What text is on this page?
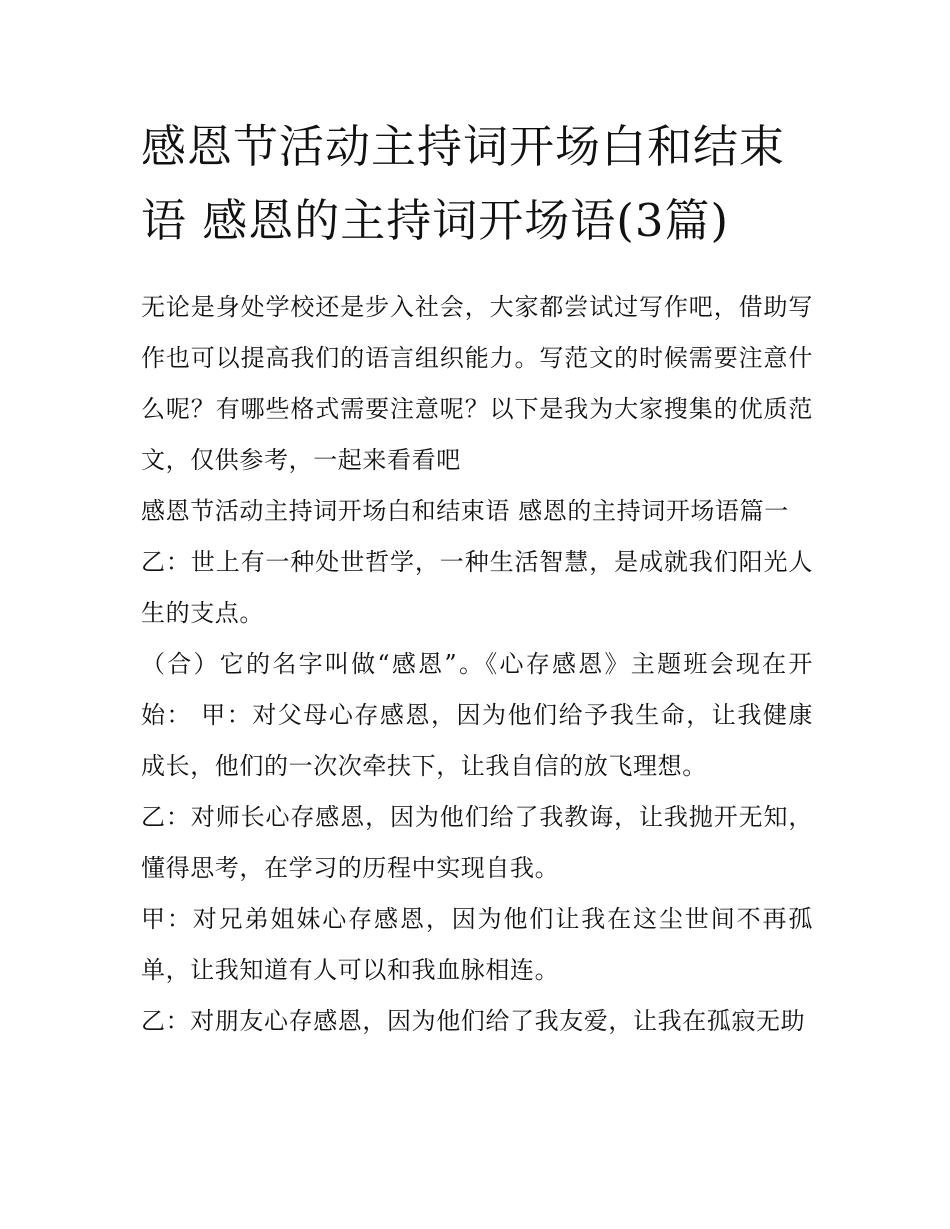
感恩节活动主持词开场白和结束语 感恩的主持词开场语(3篇)

无论是身处学校还是步入社会，大家都尝试过写作吧，借助写作也可以提高我们的语言组织能力。写范文的时候需要注意什么呢？有哪些格式需要注意呢？以下是我为大家搜集的优质范文，仅供参考，一起来看看吧

感恩节活动主持词开场白和结束语 感恩的主持词开场语篇一

乙：世上有一种处世哲学，一种生活智慧，是成就我们阳光人生的支点。

（合）它的名字叫做“感恩”。《心存感恩》主题班会现在开始： 甲：对父母心存感恩，因为他们给予我生命，让我健康成长，他们的一次次牵扶下，让我自信的放飞理想。

乙：对师长心存感恩，因为他们给了我教诲，让我抛开无知，懂得思考，在学习的历程中实现自我。

甲：对兄弟姐妹心存感恩，因为他们让我在这尘世间不再孤单，让我知道有人可以和我血脉相连。

乙：对朋友心存感恩，因为他们给了我友爱，让我在孤寂无助
